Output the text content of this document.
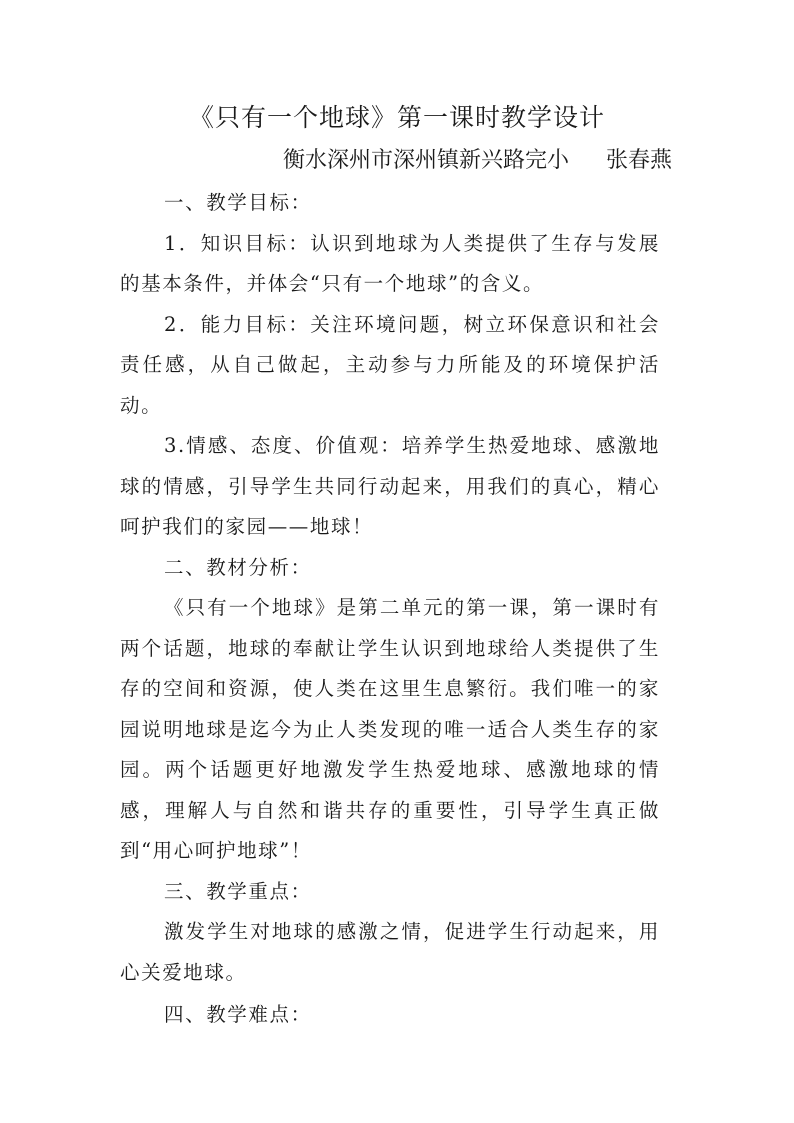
《只有一个地球》第一课时教学设计
衡水深州市深州镇新兴路完小 张春燕

一、教学目标：

1．知识目标：认识到地球为人类提供了生存与发展的基本条件，并体会“只有一个地球”的含义。

2．能力目标：关注环境问题，树立环保意识和社会责任感，从自己做起，主动参与力所能及的环境保护活动。

3.情感、态度、价值观：培养学生热爱地球、感激地球的情感，引导学生共同行动起来，用我们的真心，精心呵护我们的家园——地球！

二、教材分析：

《只有一个地球》是第二单元的第一课，第一课时有两个话题，地球的奉献让学生认识到地球给人类提供了生存的空间和资源，使人类在这里生息繁衍。我们唯一的家园说明地球是迄今为止人类发现的唯一适合人类生存的家园。两个话题更好地激发学生热爱地球、感激地球的情感，理解人与自然和谐共存的重要性，引导学生真正做到“用心呵护地球”！

三、教学重点：

激发学生对地球的感激之情，促进学生行动起来，用心关爱地球。

四、教学难点：
